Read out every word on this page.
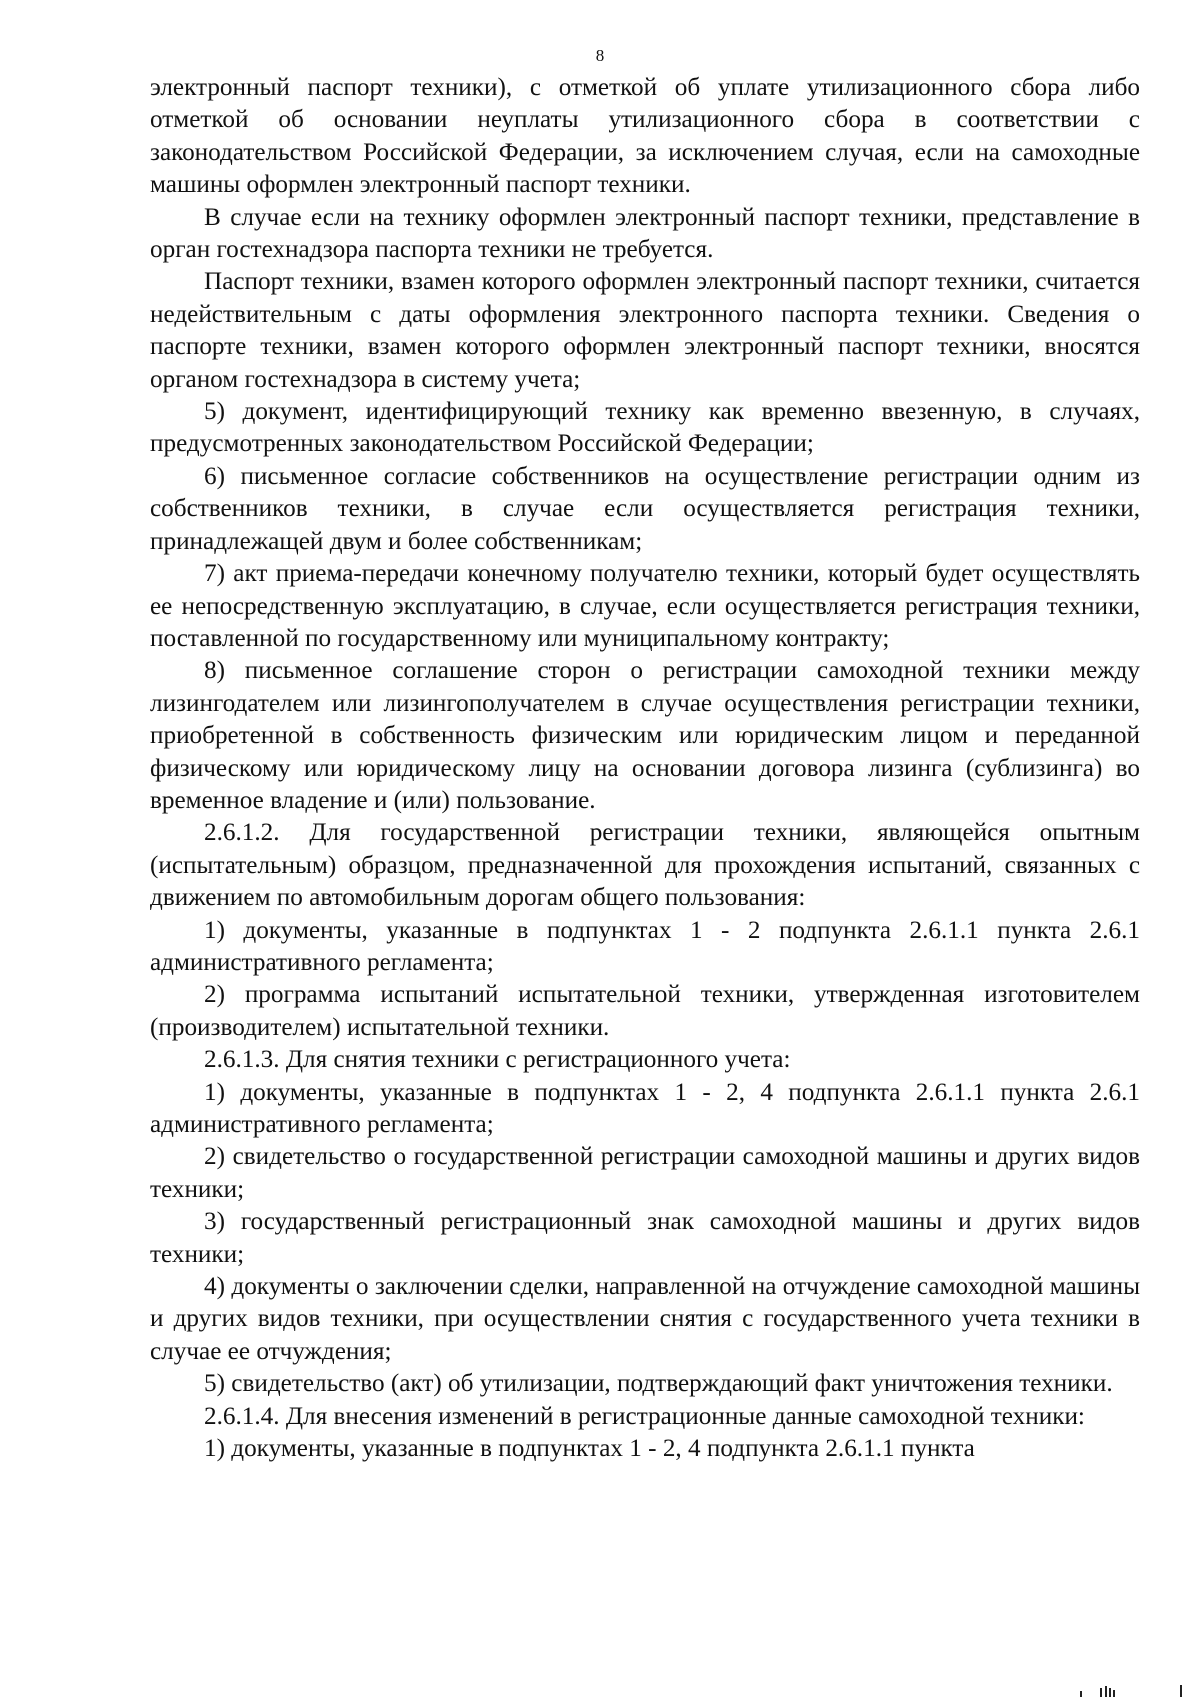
8

электронный паспорт техники), с отметкой об уплате утилизационного сбора либо отметкой об основании неуплаты утилизационного сбора в соответствии с законодательством Российской Федерации, за исключением случая, если на самоходные машины оформлен электронный паспорт техники.

В случае если на технику оформлен электронный паспорт техники, представление в орган гостехнадзора паспорта техники не требуется.

Паспорт техники, взамен которого оформлен электронный паспорт техники, считается недействительным с даты оформления электронного паспорта техники. Сведения о паспорте техники, взамен которого оформлен электронный паспорт техники, вносятся органом гостехнадзора в систему учета;

5) документ, идентифицирующий технику как временно ввезенную, в случаях, предусмотренных законодательством Российской Федерации;

6) письменное согласие собственников на осуществление регистрации одним из собственников техники, в случае если осуществляется регистрация техники, принадлежащей двум и более собственникам;

7) акт приема-передачи конечному получателю техники, который будет осуществлять ее непосредственную эксплуатацию, в случае, если осуществляется регистрация техники, поставленной по государственному или муниципальному контракту;

8) письменное соглашение сторон о регистрации самоходной техники между лизингодателем или лизингополучателем в случае осуществления регистрации техники, приобретенной в собственность физическим или юридическим лицом и переданной физическому или юридическому лицу на основании договора лизинга (сублизинга) во временное владение и (или) пользование.

2.6.1.2. Для государственной регистрации техники, являющейся опытным (испытательным) образцом, предназначенной для прохождения испытаний, связанных с движением по автомобильным дорогам общего пользования:

1) документы, указанные в подпунктах 1 - 2 подпункта 2.6.1.1 пункта 2.6.1 административного регламента;

2) программа испытаний испытательной техники, утвержденная изготовителем (производителем) испытательной техники.

2.6.1.3. Для снятия техники с регистрационного учета:

1) документы, указанные в подпунктах 1 - 2, 4 подпункта 2.6.1.1 пункта 2.6.1 административного регламента;

2) свидетельство о государственной регистрации самоходной машины и других видов техники;

3) государственный регистрационный знак самоходной машины и других видов техники;

4) документы о заключении сделки, направленной на отчуждение самоходной машины и других видов техники, при осуществлении снятия с государственного учета техники в случае ее отчуждения;

5) свидетельство (акт) об утилизации, подтверждающий факт уничтожения техники.

2.6.1.4. Для внесения изменений в регистрационные данные самоходной техники:

1) документы, указанные в подпунктах 1 - 2, 4 подпункта 2.6.1.1 пункта
